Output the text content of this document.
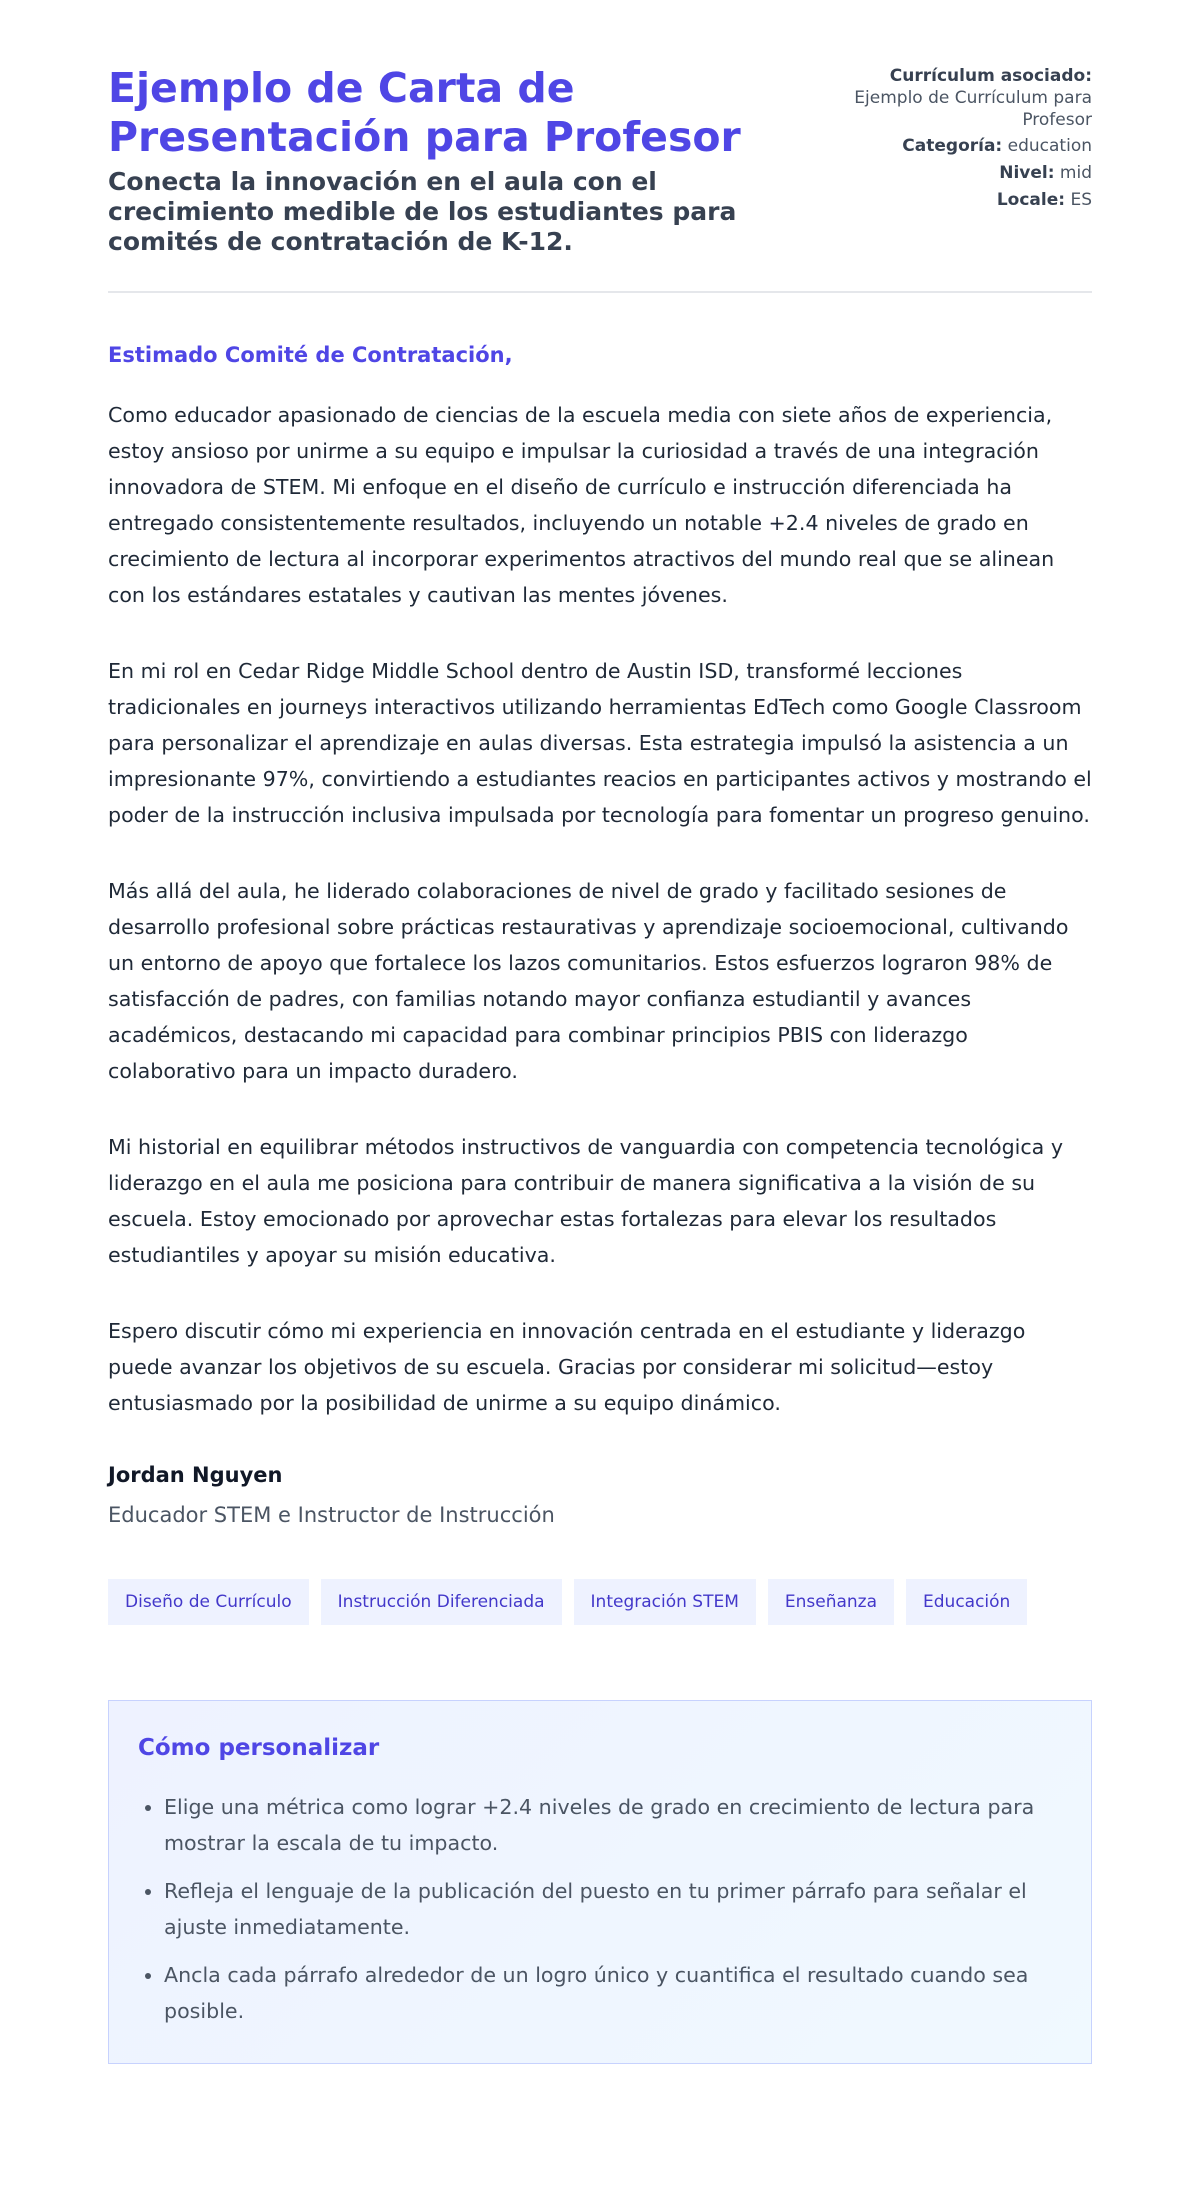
Ejemplo de Carta de Presentación para Profesor
Conecta la innovación en el aula con el crecimiento medible de los estudiantes para comités de contratación de K-12.
Currículum asociado:
Ejemplo de Currículum para Profesor
Categoría: education
Nivel: mid
Locale: ES
Estimado Comité de Contratación,

Como educador apasionado de ciencias de la escuela media con siete años de experiencia, estoy ansioso por unirme a su equipo e impulsar la curiosidad a través de una integración innovadora de STEM. Mi enfoque en el diseño de currículo e instrucción diferenciada ha entregado consistentemente resultados, incluyendo un notable +2.4 niveles de grado en crecimiento de lectura al incorporar experimentos atractivos del mundo real que se alinean con los estándares estatales y cautivan las mentes jóvenes.

En mi rol en Cedar Ridge Middle School dentro de Austin ISD, transformé lecciones tradicionales en journeys interactivos utilizando herramientas EdTech como Google Classroom para personalizar el aprendizaje en aulas diversas. Esta estrategia impulsó la asistencia a un impresionante 97%, convirtiendo a estudiantes reacios en participantes activos y mostrando el poder de la instrucción inclusiva impulsada por tecnología para fomentar un progreso genuino.

Más allá del aula, he liderado colaboraciones de nivel de grado y facilitado sesiones de desarrollo profesional sobre prácticas restaurativas y aprendizaje socioemocional, cultivando un entorno de apoyo que fortalece los lazos comunitarios. Estos esfuerzos lograron 98% de satisfacción de padres, con familias notando mayor confianza estudiantil y avances académicos, destacando mi capacidad para combinar principios PBIS con liderazgo colaborativo para un impacto duradero.

Mi historial en equilibrar métodos instructivos de vanguardia con competencia tecnológica y liderazgo en el aula me posiciona para contribuir de manera significativa a la visión de su escuela. Estoy emocionado por aprovechar estas fortalezas para elevar los resultados estudiantiles y apoyar su misión educativa.

Espero discutir cómo mi experiencia en innovación centrada en el estudiante y liderazgo puede avanzar los objetivos de su escuela. Gracias por considerar mi solicitud—estoy entusiasmado por la posibilidad de unirme a su equipo dinámico.

Jordan Nguyen
Educador STEM e Instructor de Instrucción
Diseño de Currículo	Instrucción Diferenciada	Integración STEM	Enseñanza	Educación
Cómo personalizar
• Elige una métrica como lograr +2.4 niveles de grado en crecimiento de lectura para mostrar la escala de tu impacto.
• Refleja el lenguaje de la publicación del puesto en tu primer párrafo para señalar el ajuste inmediatamente.
• Ancla cada párrafo alrededor de un logro único y cuantifica el resultado cuando sea posible.
